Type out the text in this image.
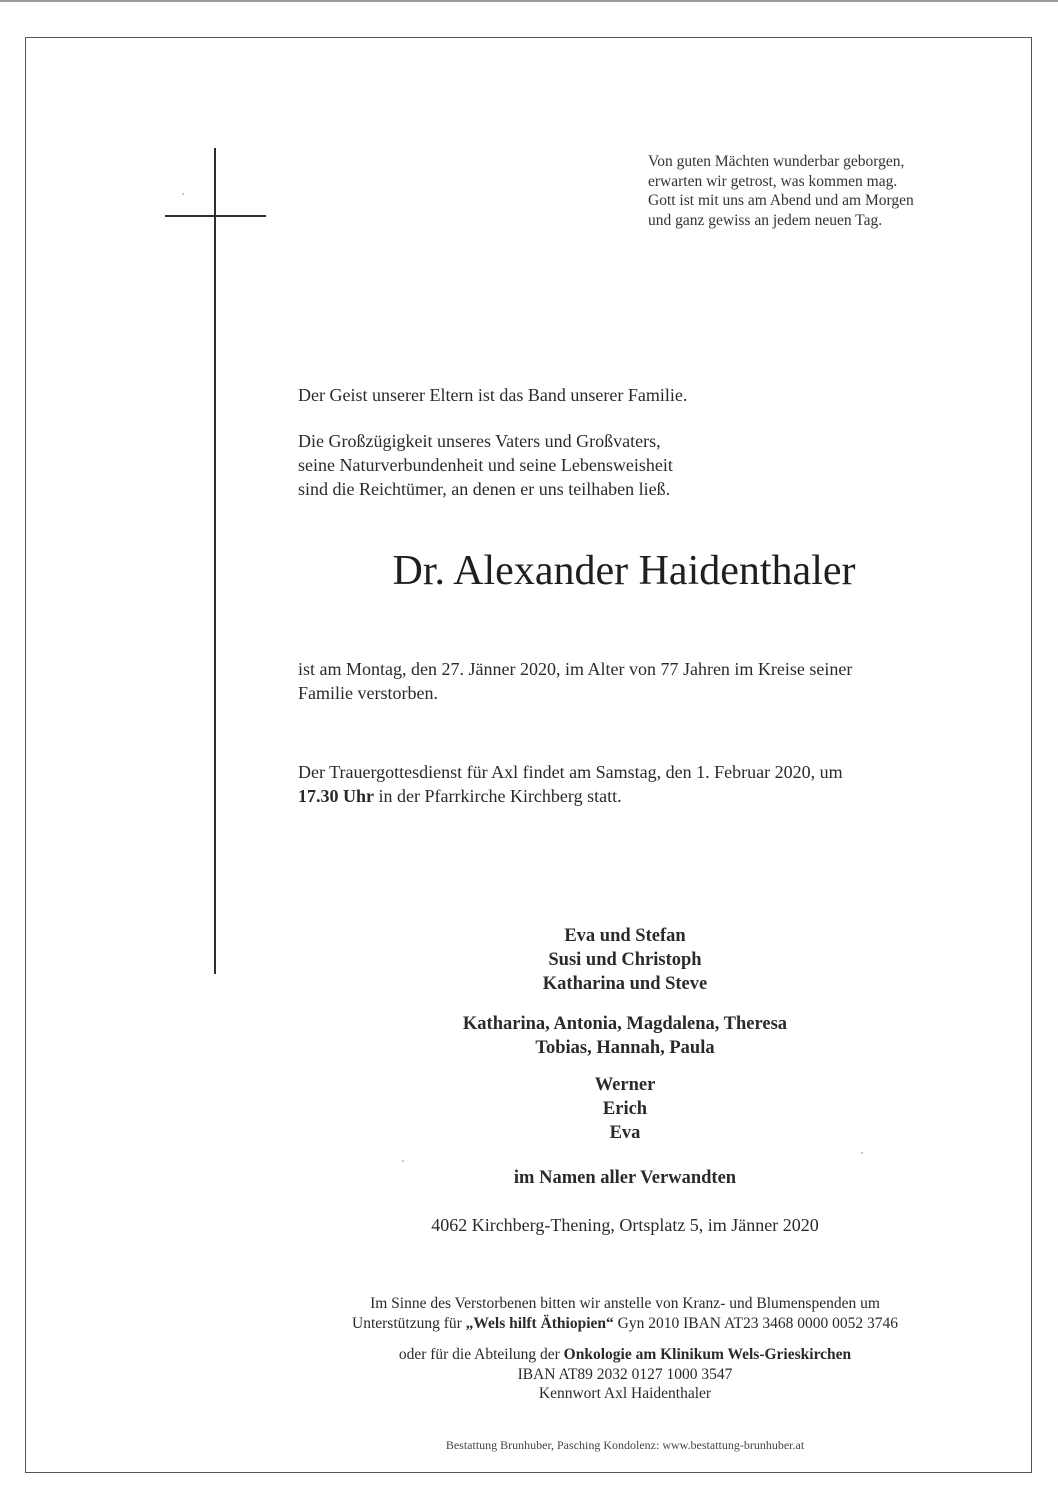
Von guten Mächten wunderbar geborgen,
erwarten wir getrost, was kommen mag.
Gott ist mit uns am Abend und am Morgen
und ganz gewiss an jedem neuen Tag.
Der Geist unserer Eltern ist das Band unserer Familie.
Die Großzügigkeit unseres Vaters und Großvaters,
seine Naturverbundenheit und seine Lebensweisheit
sind die Reichtümer, an denen er uns teilhaben ließ.
Dr. Alexander Haidenthaler
ist am Montag, den 27. Jänner 2020, im Alter von 77 Jahren im Kreise seiner
Familie verstorben.
Der Trauergottesdienst für Axl findet am Samstag, den 1. Februar 2020, um
17.30 Uhr in der Pfarrkirche Kirchberg statt.
Eva und Stefan
Susi und Christoph
Katharina und Steve
Katharina, Antonia, Magdalena, Theresa
Tobias, Hannah, Paula
Werner
Erich
Eva
im Namen aller Verwandten
4062 Kirchberg-Thening, Ortsplatz 5, im Jänner 2020
Im Sinne des Verstorbenen bitten wir anstelle von Kranz- und Blumenspenden um
Unterstützung für „Wels hilft Äthiopien“ Gyn 2010 IBAN AT23 3468 0000 0052 3746
oder für die Abteilung der Onkologie am Klinikum Wels-Grieskirchen
IBAN AT89 2032 0127 1000 3547
Kennwort Axl Haidenthaler
Bestattung Brunhuber, Pasching Kondolenz: www.bestattung-brunhuber.at
